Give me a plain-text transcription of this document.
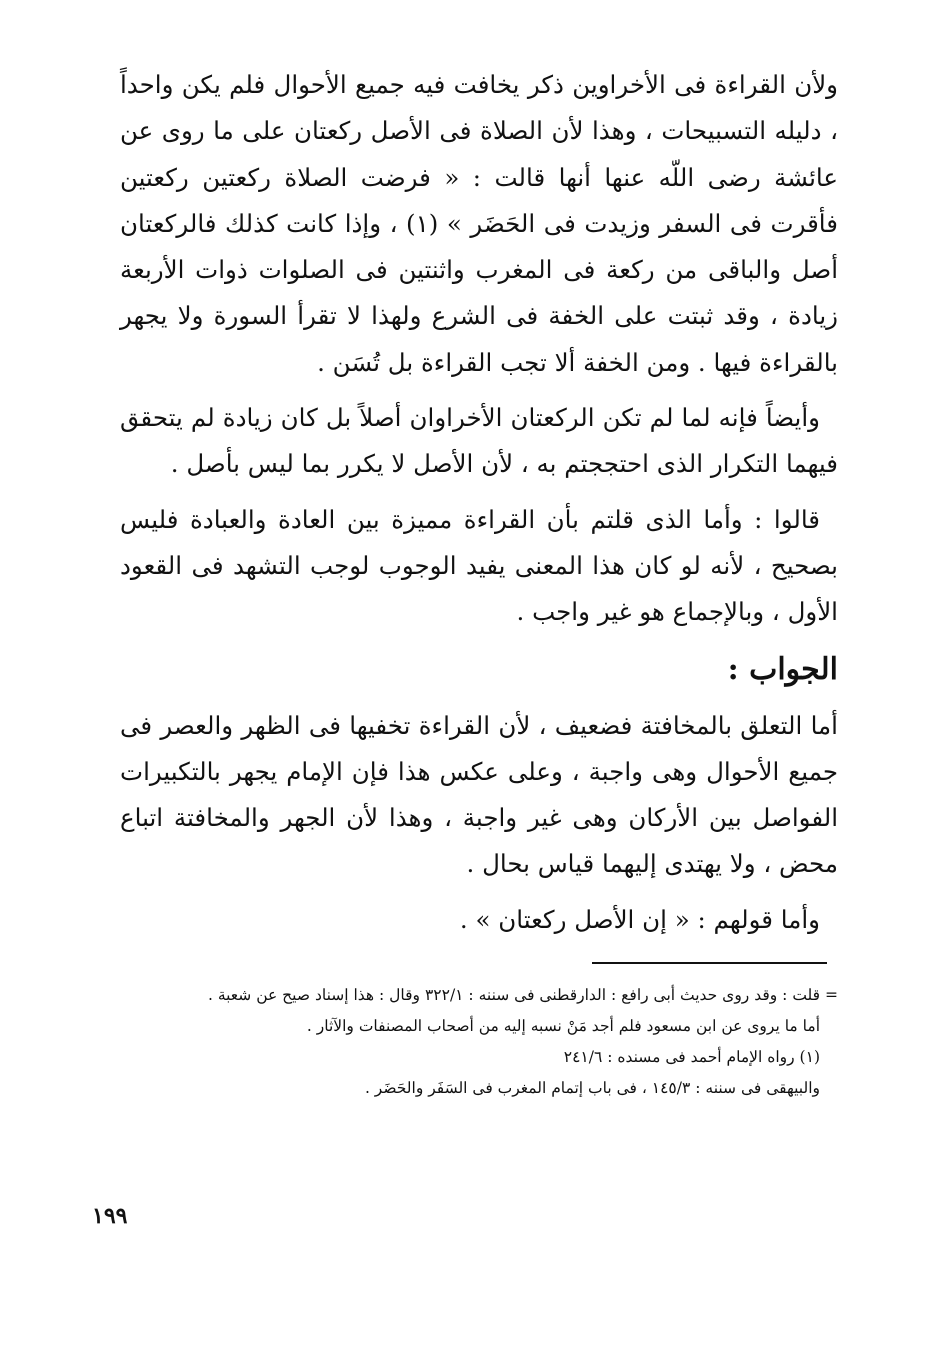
ولأن القراءة فى الأخراوين ذكر يخافت فيه جميع الأحوال فلم يكن واحداً ، دليله التسبيحات ، وهذا لأن الصلاة فى الأصل ركعتان على ما روى عن عائشة رضى اللّه عنها أنها قالت : « فرضت الصلاة ركعتين ركعتين فأقرت فى السفر وزيدت فى الحَضَر » (١) ، وإذا كانت كذلك فالركعتان أصل والباقى من ركعة فى المغرب واثنتين فى الصلوات ذوات الأربعة زيادة ، وقد ثبتت على الخفة فى الشرع ولهذا لا تقرأ السورة ولا يجهر بالقراءة فيها . ومن الخفة ألا تجب القراءة بل تُسَن .

وأيضاً فإنه لما لم تكن الركعتان الأخراوان أصلاً بل كان زيادة لم يتحقق فيهما التكرار الذى احتججتم به ، لأن الأصل لا يكرر بما ليس بأصل .

قالوا : وأما الذى قلتم بأن القراءة مميزة بين العادة والعبادة فليس بصحيح ، لأنه لو كان هذا المعنى يفيد الوجوب لوجب التشهد فى القعود الأول ، وبالإجماع هو غير واجب .

الجواب :

أما التعلق بالمخافتة فضعيف ، لأن القراءة تخفيها فى الظهر والعصر فى جميع الأحوال وهى واجبة ، وعلى عكس هذا فإن الإمام يجهر بالتكبيرات الفواصل بين الأركان وهى غير واجبة ، وهذا لأن الجهر والمخافتة اتباع محض ، ولا يهتدى إليهما قياس بحال .

وأما قولهم : « إن الأصل ركعتان » .

= قلت : وقد روى حديث أبى رافع : الدارقطنى فى سننه : ٣٢٢/١ وقال : هذا إسناد صيح عن شعبة .

أما ما يروى عن ابن مسعود فلم أجد مَنْ نسبه إليه من أصحاب المصنفات والآثار .

(١) رواه الإمام أحمد فى مسنده : ٢٤١/٦

والبيهقى فى سننه : ١٤٥/٣ ، فى باب إتمام المغرب فى السَفَر والحَضَر .

١٩٩
